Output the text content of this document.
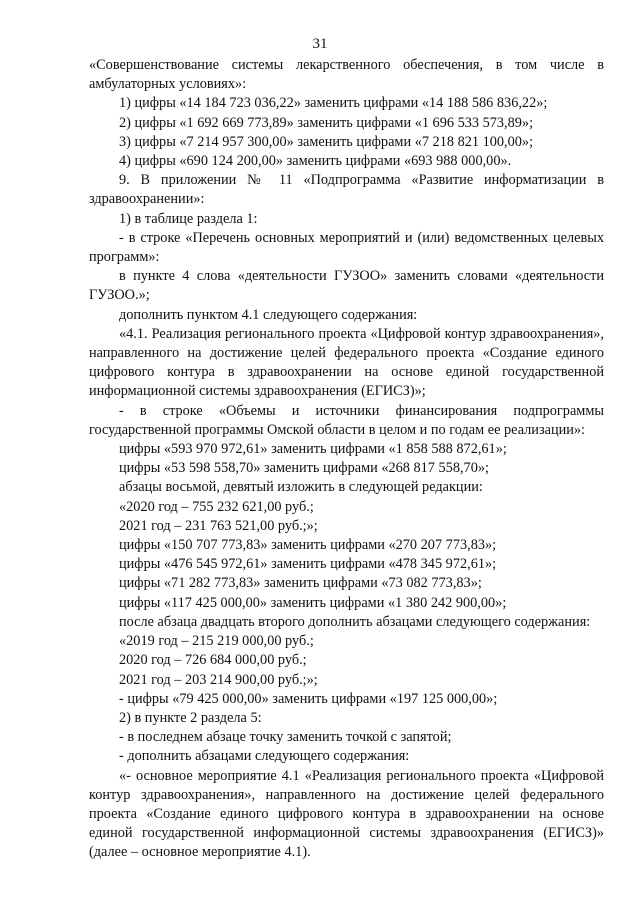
31

«Совершенствование системы лекарственного обеспечения, в том числе в амбулаторных условиях»:

1) цифры «14 184 723 036,22» заменить цифрами «14 188 586 836,22»;

2) цифры «1 692 669 773,89» заменить цифрами «1 696 533 573,89»;

3) цифры «7 214 957 300,00» заменить цифрами «7 218 821 100,00»;

4) цифры «690 124 200,00» заменить цифрами «693 988 000,00».

9. В приложении № 11 «Подпрограмма «Развитие информатизации в здравоохранении»:

1) в таблице раздела 1:

- в строке «Перечень основных мероприятий и (или) ведомственных целевых программ»:

в пункте 4 слова «деятельности ГУЗОО» заменить словами «деятельности ГУЗОО.»;

дополнить пунктом 4.1 следующего содержания:

«4.1. Реализация регионального проекта «Цифровой контур здравоохранения», направленного на достижение целей федерального проекта «Создание единого цифрового контура в здравоохранении на основе единой государственной информационной системы здравоохранения (ЕГИСЗ)»;

- в строке «Объемы и источники финансирования подпрограммы государственной программы Омской области в целом и по годам ее реализации»:

цифры «593 970 972,61» заменить цифрами «1 858 588 872,61»;

цифры «53 598 558,70» заменить цифрами «268 817 558,70»;

абзацы восьмой, девятый изложить в следующей редакции:

«2020 год – 755 232 621,00 руб.;

2021 год – 231 763 521,00 руб.;»;

цифры «150 707 773,83» заменить цифрами «270 207 773,83»;

цифры «476 545 972,61» заменить цифрами «478 345 972,61»;

цифры «71 282 773,83» заменить цифрами «73 082 773,83»;

цифры «117 425 000,00» заменить цифрами «1 380 242 900,00»;

после абзаца двадцать второго дополнить абзацами следующего содержания:

«2019 год – 215 219 000,00 руб.;

2020 год – 726 684 000,00 руб.;

2021 год – 203 214 900,00 руб.;»;

- цифры «79 425 000,00» заменить цифрами «197 125 000,00»;

2) в пункте 2 раздела 5:

- в последнем абзаце точку заменить точкой с запятой;

- дополнить абзацами следующего содержания:

«- основное мероприятие 4.1 «Реализация регионального проекта «Цифровой контур здравоохранения», направленного на достижение целей федерального проекта «Создание единого цифрового контура в здравоохранении на основе единой государственной информационной системы здравоохранения (ЕГИСЗ)» (далее – основное мероприятие 4.1).
